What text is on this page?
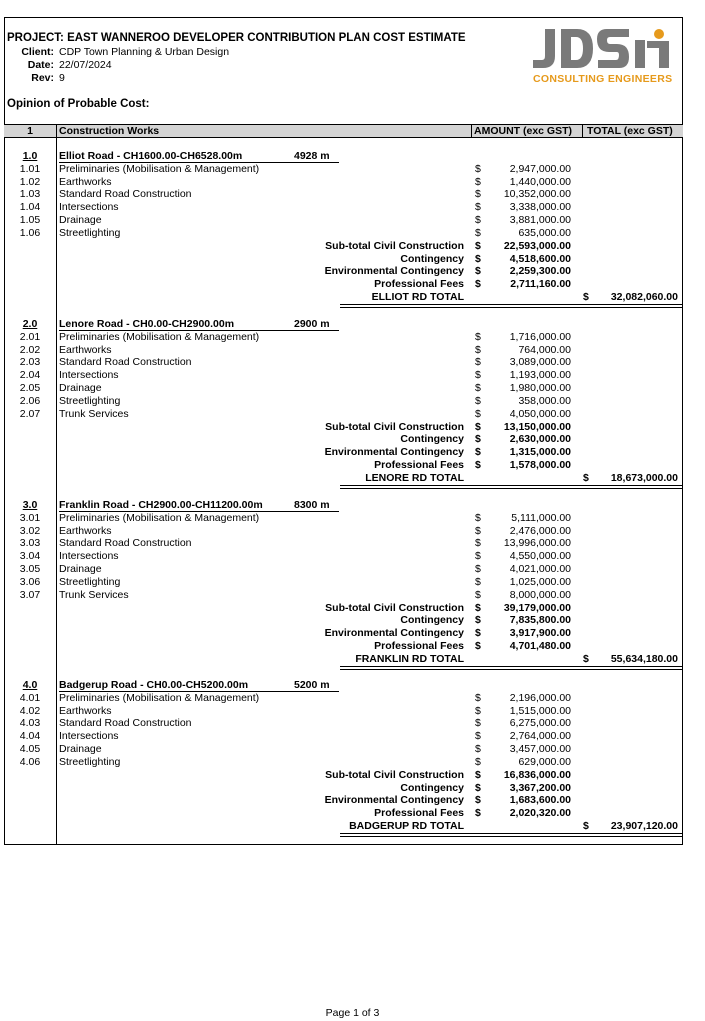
PROJECT: EAST WANNEROO DEVELOPER CONTRIBUTION PLAN COST ESTIMATE
Client: CDP Town Planning & Urban Design
Date: 22/07/2024
Rev: 9	CONSULTING ENGINEERS
Opinion of Probable Cost:
1	Construction Works	AMOUNT (exc GST) TOTAL (exc GST)
1.0	Elliot Road - CH1600.00-CH6528.00m	4928 m
1.01	Preliminaries (Mobilisation & Management)	$	2,947,000.00
1.02	Earthworks	$	1,440,000.00
1.03	Standard Road Construction	$	10,352,000.00
1.04	Intersections	$	3,338,000.00
1.05	Drainage	$	3,881,000.00
1.06	Streetlighting	$	635,000.00
Sub-total Civil Construction $	22,593,000.00
Contingency $	4,518,600.00
Environmental Contingency $	2,259,300.00
Professional Fees $	2,711,160.00
ELLIOT RD TOTAL	$	32,082,060.00
2.0	Lenore Road - CH0.00-CH2900.00m	2900 m
2.01	Preliminaries (Mobilisation & Management)	$	1,716,000.00
2.02	Earthworks	$	764,000.00
2.03	Standard Road Construction	$	3,089,000.00
2.04	Intersections	$	1,193,000.00
2.05	Drainage	$	1,980,000.00
2.06	Streetlighting	$	358,000.00
2.07	Trunk Services	$	4,050,000.00
Sub-total Civil Construction $	13,150,000.00
Contingency $	2,630,000.00
Environmental Contingency $	1,315,000.00
Professional Fees $	1,578,000.00
LENORE RD TOTAL	$	18,673,000.00
3.0	Franklin Road - CH2900.00-CH11200.00m	8300 m
3.01	Preliminaries (Mobilisation & Management)	$	5,111,000.00
3.02	Earthworks	$	2,476,000.00
3.03	Standard Road Construction	$	13,996,000.00
3.04	Intersections	$	4,550,000.00
3.05	Drainage	$	4,021,000.00
3.06	Streetlighting	$	1,025,000.00
3.07	Trunk Services	$	8,000,000.00
Sub-total Civil Construction $	39,179,000.00
Contingency $	7,835,800.00
Environmental Contingency $	3,917,900.00
Professional Fees $	4,701,480.00
FRANKLIN RD TOTAL	$	55,634,180.00
4.0	Badgerup Road - CH0.00-CH5200.00m	5200 m
4.01	Preliminaries (Mobilisation & Management)	$	2,196,000.00
4.02	Earthworks	$	1,515,000.00
4.03	Standard Road Construction	$	6,275,000.00
4.04	Intersections	$	2,764,000.00
4.05	Drainage	$	3,457,000.00
4.06	Streetlighting	$	629,000.00
Sub-total Civil Construction $	16,836,000.00
Contingency $	3,367,200.00
Environmental Contingency $	1,683,600.00
Professional Fees $	2,020,320.00
BADGERUP RD TOTAL	$	23,907,120.00
Page 1 of 3
